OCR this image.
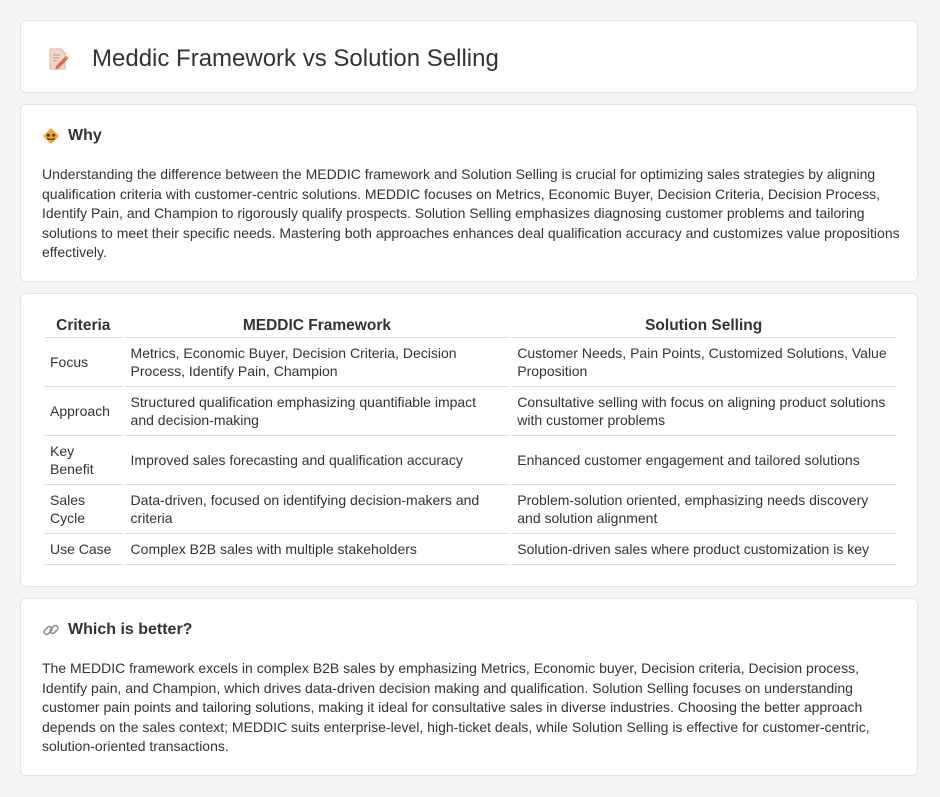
Meddic Framework vs Solution Selling
Why

Understanding the difference between the MEDDIC framework and Solution Selling is crucial for optimizing sales strategies by aligning qualification criteria with customer-centric solutions. MEDDIC focuses on Metrics, Economic Buyer, Decision Criteria, Decision Process, Identify Pain, and Champion to rigorously qualify prospects. Solution Selling emphasizes diagnosing customer problems and tailoring solutions to meet their specific needs. Mastering both approaches enhances deal qualification accuracy and customizes value propositions effectively.

Criteria	MEDDIC Framework	Solution Selling
Focus	Metrics, Economic Buyer, Decision Criteria, Decision Process, Identify Pain, Champion	Customer Needs, Pain Points, Customized Solutions, Value Proposition
Approach	Structured qualification emphasizing quantifiable impact and decision-making	Consultative selling with focus on aligning product solutions with customer problems
Key Benefit	Improved sales forecasting and qualification accuracy	Enhanced customer engagement and tailored solutions
Sales Cycle	Data-driven, focused on identifying decision-makers and criteria	Problem-solution oriented, emphasizing needs discovery and solution alignment
Use Case	Complex B2B sales with multiple stakeholders	Solution-driven sales where product customization is key
Which is better?

The MEDDIC framework excels in complex B2B sales by emphasizing Metrics, Economic buyer, Decision criteria, Decision process, Identify pain, and Champion, which drives data-driven decision making and qualification. Solution Selling focuses on understanding customer pain points and tailoring solutions, making it ideal for consultative sales in diverse industries. Choosing the better approach depends on the sales context; MEDDIC suits enterprise-level, high-ticket deals, while Solution Selling is effective for customer-centric, solution-oriented transactions.
